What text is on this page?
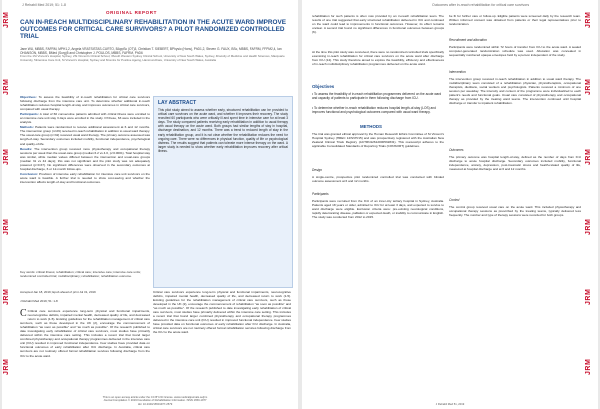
JRM
JRM
JRM
JRM
JRM
JRM
J Rehabil Med 2019; 51: 1-8
ORIGINAL REPORT
CAN IN-REACH MULTIDISCIPLINARY REHABILITATION IN THE ACUTE WARD IMPROVE OUTCOMES FOR CRITICAL CARE SURVIVORS? A PILOT RANDOMIZED CONTROLLED TRIAL
Jane WU, MBBS, FAFRM, MPH1,2, Angela VRATSISTAS-CURTO, BAppSc (OT)3, Christian T. SIEBERT, BPhysio (Hons), PhD1,2, Steven G. FAUX, BSc, MBBS, FAFRM, FFPM2,4, Ian OHANSON, MBBS, BMed (Surg)5 and Christopher J. POULOS, MBBS, FAFRM, PhD6
From the 1St Vincent's Hospital, Sydney, 2St Vincent's Clinical School, 3South Western Sydney Clinical School, University of New South Wales, Sydney, 4Faculty of Medicine and Health Sciences, Macquarie University, 5Intensive Care Unit, St Vincent's Hospital, Sydney and 6Centre for Positive Ageing, HammondCare, University of New South Wales, Australia

Objectives: To assess the feasibility of in-reach rehabilitation for critical care survivors following discharge from the intensive care unit. To determine whether additional in-reach rehabilitation reduces hospital length-of-stay and improves outcomes in critical care survivors, compared with usual therapy.

Participants: A total of 60 consecutive patients admitted with critical illness were enrolled to an intensive care unit stay 3 days were enrolled in the study. Of these, 63 were included in the analysis.

Methods: Patients were randomized to receive additional assessment at 6 and 12 months. The intervention group (n=29) received in-reach rehabilitation in addition to usual ward therapy. The usual-care group (n=32) received usual ward therapy. The primary outcome assessed was length-of-stay. Secondary outcomes included mobility, functional independence, psychological and quality-of-life.

Results: The intervention group received more physiotherapy and occupational therapy sessions per week than the usual-care group (median 6.2 vs 4.0, p<0.0001). Total hospital stay was similar, while median values differed between the intervention and usual-care groups (median 31 vs 44 days); this was not significant and the pilot study was not adequately powered (p=0.67). No significant differences were observed in the secondary outcomes at hospital discharge, 6 or 12-month follow-ups.

Conclusion: Provision of intensive early rehabilitation for intensive care unit survivors on the acute ward is feasible. A further trial is needed to show cost-saving and whether the intervention affects length-of-stay and functional outcomes.

Key words: critical illness; rehabilitation; critical care; intensive care; intensive care units; randomized controlled trial; multidisciplinary; rehabilitation; rehabilitation outcome.
Accepted Jan 18, 2019; Epub ahead of print Jul 31, 2019
J Rehabil Med 2019; 51: 1-8
LAY ABSTRACT
This pilot study aimed to assess whether early, structured rehabilitation can be provided to critical care survivors on the acute ward, and whether it improves their recovery. The study recruited 60 participants who were critically ill and spent time in intensive care for at least 3 days. The study compared patients receiving early rehabilitation in addition to usual therapy with usual therapy on the acute ward. Both groups had similar lengths of stay in hospital, discharge destination, and 12 months. There was a trend to reduced length of stay in the early rehabilitation group, and it is not clear whether the rehabilitation reduces the need for ongoing care. There were no differences in physical function, quality of life or psychological distress. The results suggest that patients can tolerate more intense therapy on the ward. A larger study is needed to show whether early rehabilitation improves recovery after critical illness.
C Critical care survivors experience long-term physical and functional impairments, neurocognitive deficits, impaired mental health, decreased quality of life, and decreased return to work (1-5). Existing guidelines for the rehabilitation management of critical care survivors, such as those developed in the UK (2), encourage the commencement of rehabilitation "as soon as possible" and "as much as possible". Of the research published to date investigating early rehabilitation of critical care survivors, most studies have primarily delivered within the intensive care setting. This includes a recent trial that found larger combined physiotherapy and occupational therapy programmes delivered in the intensive care unit (ICU) resulted in improved functional independence. Few studies have provided data on functional outcomes of early rehabilitation after ICU discharge. In Australia, critical care survivors are not routinely offered formal rehabilitation services following discharge from the ICU to the acute ward.
Critical care survivors experience long-term physical and functional impairments, neurocognitive deficits, impaired mental health, decreased quality of life, and decreased return to work (1-5). Existing guidelines for the rehabilitation management of critical care survivors, such as those developed in the UK (2), encourage the commencement of rehabilitation "as soon as possible" and "as much as possible". Of the research published to date investigating early rehabilitation of critical care survivors, most studies have primarily delivered within the intensive care setting. This includes a recent trial that found larger combined physiotherapy and occupational therapy programmes delivered in the intensive care unit (ICU) resulted in improved functional independence. Few studies have provided data on functional outcomes of early rehabilitation after ICU discharge. In Australia, critical care survivors are not routinely offered formal rehabilitation services following discharge from the ICU to the acute ward.
This is an open access article under the CC BY-NC license. www.medicaljournals.se/jrm
Journal Compilation © 2019 Foundation of Rehabilitation Information. ISSN 1650-1977
doi: 10.2340/16501977-2579
Outcomes after in-reach rehabilitation for critical care survivors
JRM
JRM
JRM
JRM
JRM
JRM
rehabilitation for such patients is often now provided by an in-reach rehabilitation team. The results of one trial suggested that early structured rehabilitation delivered in ICU and continued on the ward could lead to improvements in functional outcomes. However, its effect remains unclear. A second trial found no significant differences in functional outcomes between groups (6).
At the time this pilot study was conceived, there were no randomized controlled trials specifically examining in-reach rehabilitation for critical care survivors on the acute ward after discharge from ICU (14). This study therefore aimed to explore the feasibility, efficiency and effectiveness of in-reach multidisciplinary rehabilitation programmes delivered on the acute ward.
Objectives
• To assess the feasibility of in-reach rehabilitation programmes delivered on the acute ward and capacity of patients to participate in them following discharge from ICU.
• To determine whether in-reach rehabilitation reduces hospital length-of-stay (LOS) and improves functional and psychological outcomes compared with usual ward therapy.
METHODS
The trial was granted ethical approval by the Human Research Ethics Committee of St Vincent's Hospital Sydney (HREC 12/SVH/15) and was prospectively registered with the Australian New Zealand Clinical Trials Registry (ACTRN12612000532831). This manuscript adheres to the applicable Consolidated Standards of Reporting Trials (CONSORT) guidelines.
Design
A single-centre, prospective pilot randomized controlled trial was conducted with blinded outcome assessment at 6 and 12 months.
Participants
Participants were recruited from the ICU of an inner-city tertiary hospital in Sydney, Australia. Patients aged 18 years or older, admitted to ICU for at least 3 days, and expected to survive to ward discharge were eligible. Exclusion criteria were: pre-existing neurological conditions, rapidly deteriorating disease, palliation or expected death, or inability to communicate in English. The study was conducted from 2012 to 2015.
be fit for further care or follow-up. Eligible patients were screened daily by the research team. Written informed consent was obtained from patients or their legal representatives prior to randomization.
Recruitment and allocation
Participants were randomized within 72 hours of transfer from ICU to the acute ward. A sealed computer-generated randomization schedule was used. Allocation was concealed in sequentially numbered opaque envelopes held by a person independent of the study.
Intervention
The intervention group received in-reach rehabilitation in addition to usual ward therapy. The multidisciplinary team consisted of a rehabilitation physician, physiotherapists, occupational therapists, dietitians, social workers and psychologists. Patients received a minimum of one session per weekday. The intensity and content of the programme were individualized to each patient's needs and functional goals. Usual care consisted of physiotherapy and occupational therapy as provided by the treating ward teams. The intervention continued until hospital discharge or transfer to inpatient rehabilitation.
Outcomes
The primary outcome was hospital length-of-stay, defined as the number of days from ICU discharge to acute hospital discharge. Secondary outcomes included mobility, functional independence, anxiety, depression, post-traumatic stress and health-related quality of life, measured at hospital discharge and at 6 and 12 months.
Control
The control group received usual care on the acute ward. This included physiotherapy and occupational therapy sessions as prescribed by the treating teams, typically delivered less frequently. The number and type of therapy sessions were recorded for both groups.
J Rehabil Med 51, 2019
